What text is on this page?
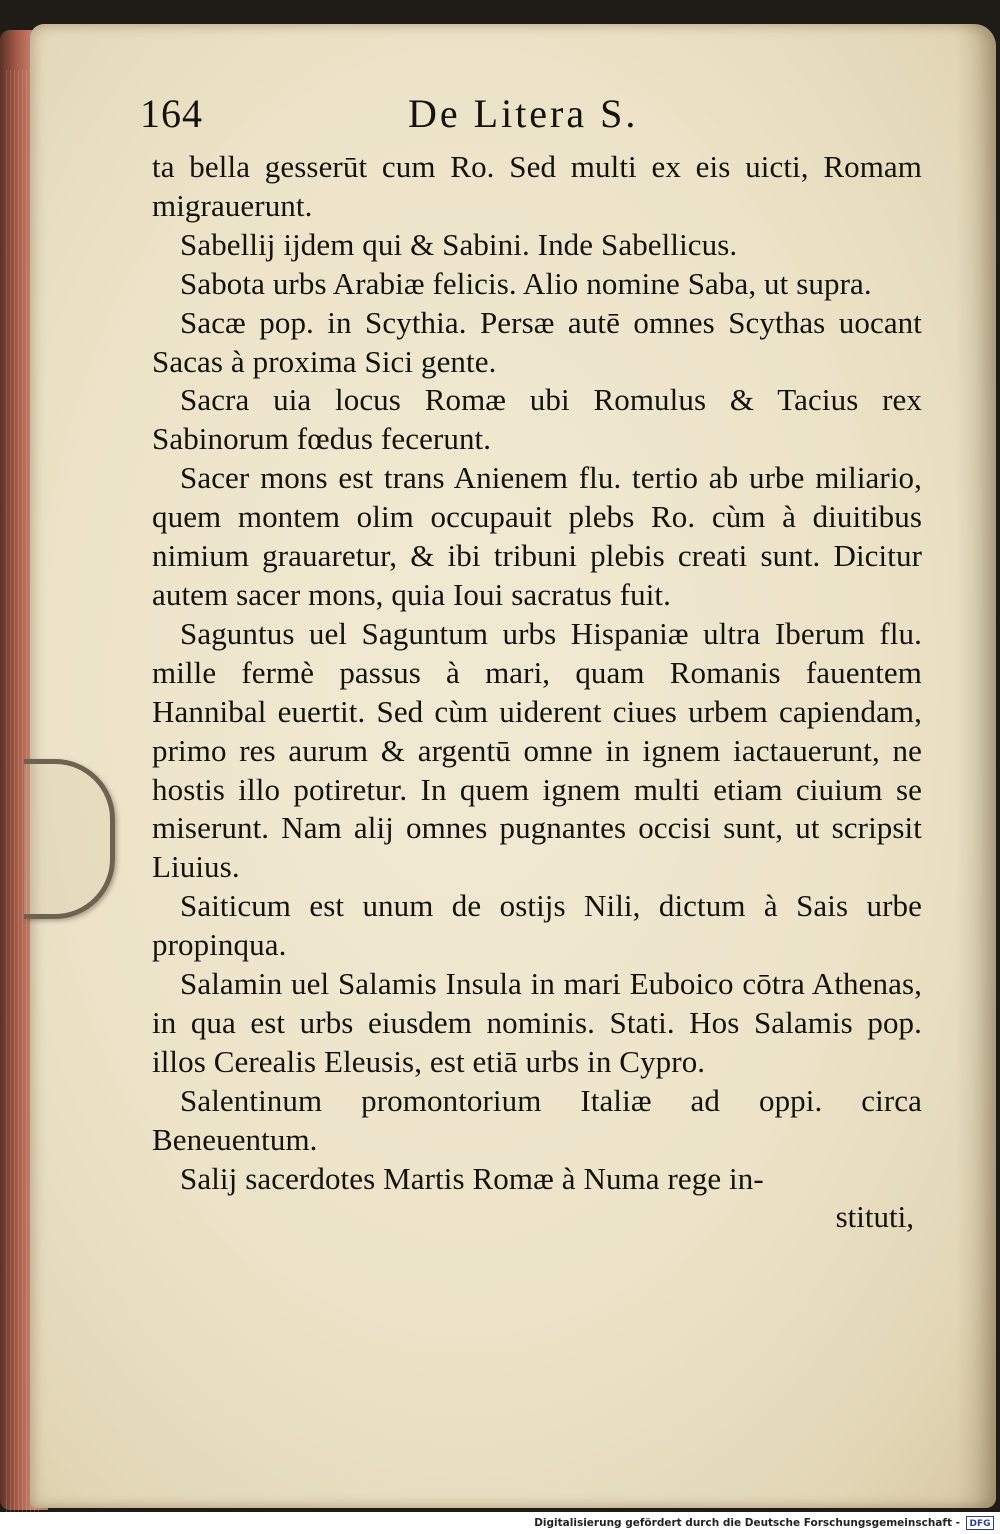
164	De Litera S.

ta bella gesserūt cum Ro. Sed multi ex eis uicti, Romam migrauerunt.

Sabellij ijdem qui & Sabini. Inde Sabellicus.

Sabota urbs Arabiæ felicis. Alio nomine Saba, ut supra.

Sacæ pop. in Scythia. Persæ autē omnes Scythas uocant Sacas à proxima Sici gente.

Sacra uia locus Romæ ubi Romulus & Tacius rex Sabinorum fœdus fecerunt.

Sacer mons est trans Anienem flu. tertio ab urbe miliario, quem montem olim occupauit plebs Ro. cùm à diuitibus nimium grauaretur, & ibi tribuni plebis creati sunt. Dicitur autem sacer mons, quia Ioui sacratus fuit.

Saguntus uel Saguntum urbs Hispaniæ ultra Iberum flu. mille fermè passus à mari, quam Romanis fauentem Hannibal euertit. Sed cùm uiderent ciues urbem capiendam, primo res aurum & argentū omne in ignem iactauerunt, ne hostis illo potiretur. In quem ignem multi etiam ciuium se miserunt. Nam alij omnes pugnantes occisi sunt, ut scripsit Liuius.

Saiticum est unum de ostijs Nili, dictum à Sais urbe propinqua.

Salamin uel Salamis Insula in mari Euboico cōtra Athenas, in qua est urbs eiusdem nominis. Stati. Hos Salamis pop. illos Cerealis Eleusis, est etiā urbs in Cypro.

Salentinum promontorium Italiæ ad oppi. circa Beneuentum.

Salij sacerdotes Martis Romæ à Numa rege in-

stituti,
Digitalisierung gefördert durch die Deutsche Forschungsgemeinschaft -	DFG
